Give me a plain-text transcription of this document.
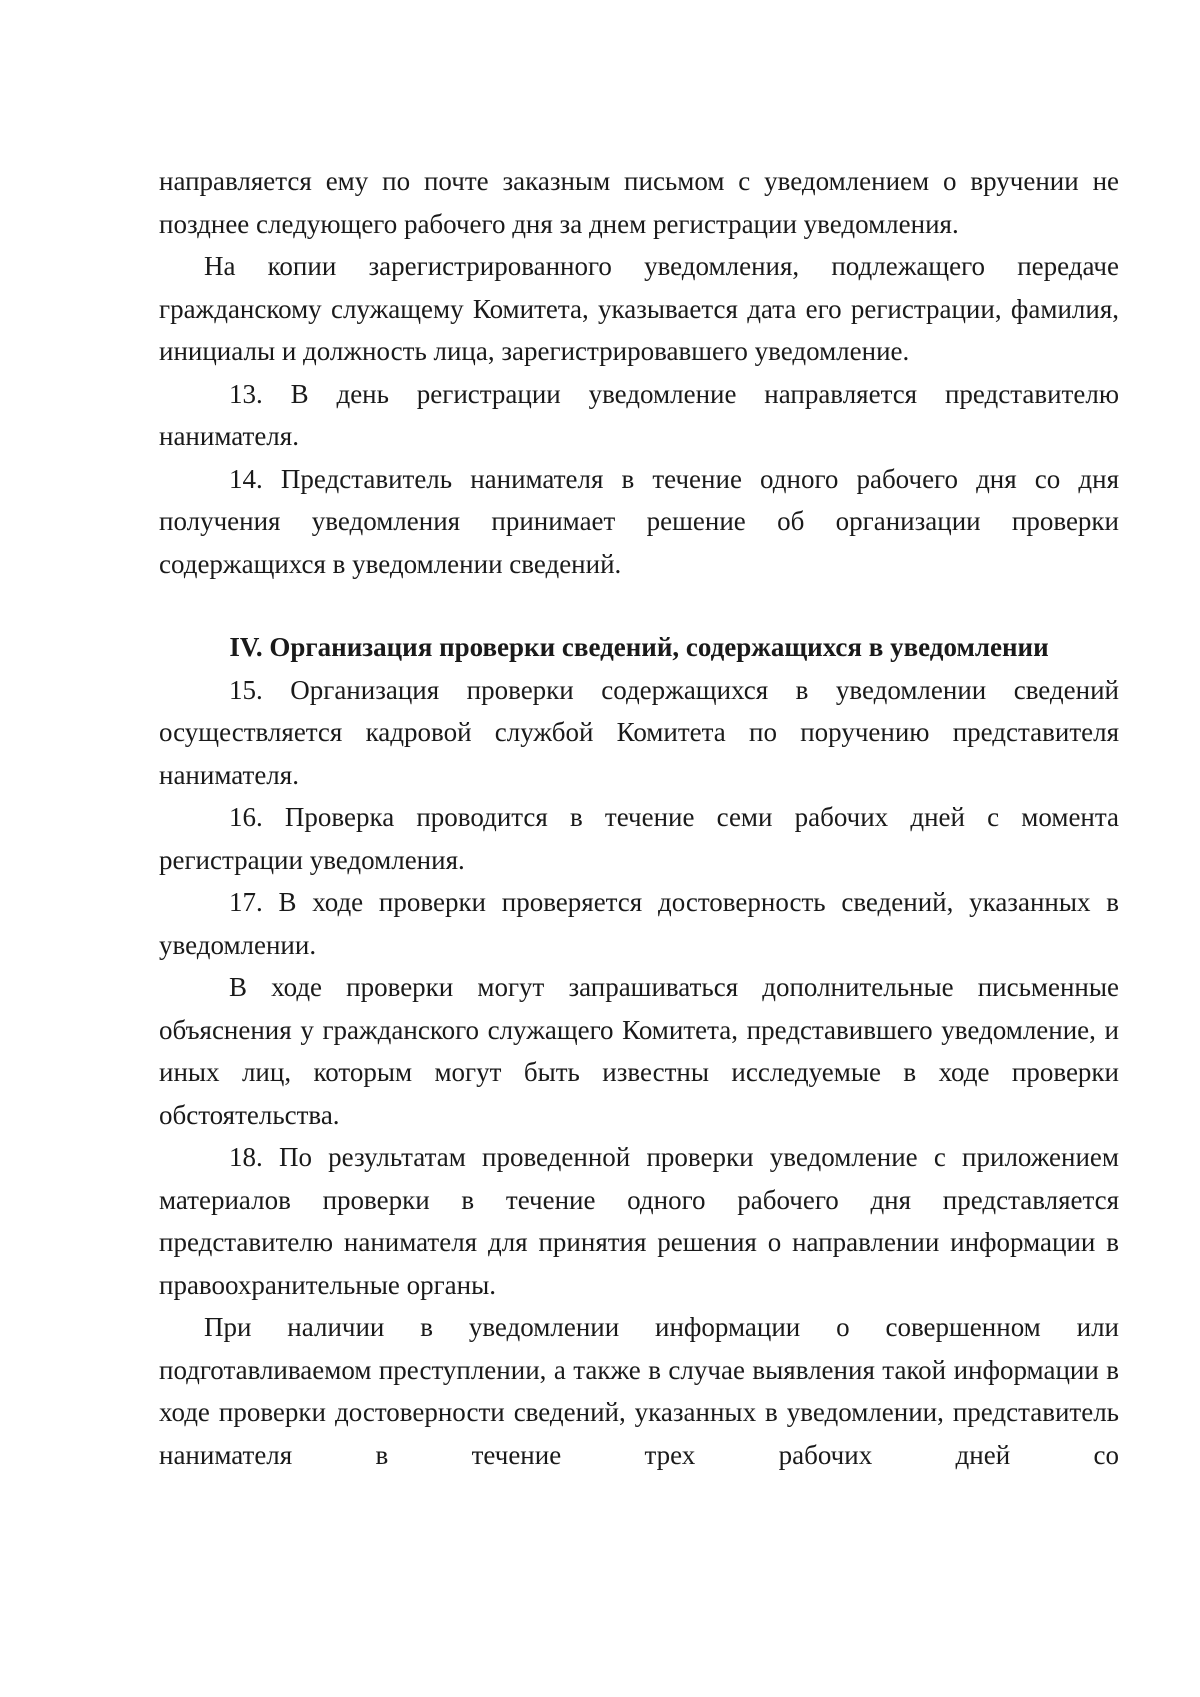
направляется ему по почте заказным письмом с уведомлением о вручении не позднее следующего рабочего дня за днем регистрации уведомления.

На копии зарегистрированного уведомления, подлежащего передаче гражданскому служащему Комитета, указывается дата его регистрации, фамилия, инициалы и должность лица, зарегистрировавшего уведомление.

13. В день регистрации уведомление направляется представителю нанимателя.

14. Представитель нанимателя в течение одного рабочего дня со дня получения уведомления принимает решение об организации проверки содержащихся в уведомлении сведений.

IV. Организация проверки сведений, содержащихся в уведомлении

15. Организация проверки содержащихся в уведомлении сведений осуществляется кадровой службой Комитета по поручению представителя нанимателя.

16. Проверка проводится в течение семи рабочих дней с момента регистрации уведомления.

17. В ходе проверки проверяется достоверность сведений, указанных в уведомлении.

В ходе проверки могут запрашиваться дополнительные письменные объяснения у гражданского служащего Комитета, представившего уведомление, и иных лиц, которым могут быть известны исследуемые в ходе проверки обстоятельства.

18. По результатам проведенной проверки уведомление с приложением материалов проверки в течение одного рабочего дня представляется представителю нанимателя для принятия решения о направлении информации в правоохранительные органы.

При наличии в уведомлении информации о совершенном или подготавливаемом преступлении, а также в случае выявления такой информации в ходе проверки достоверности сведений, указанных в уведомлении, представитель нанимателя в течение трех рабочих дней со
